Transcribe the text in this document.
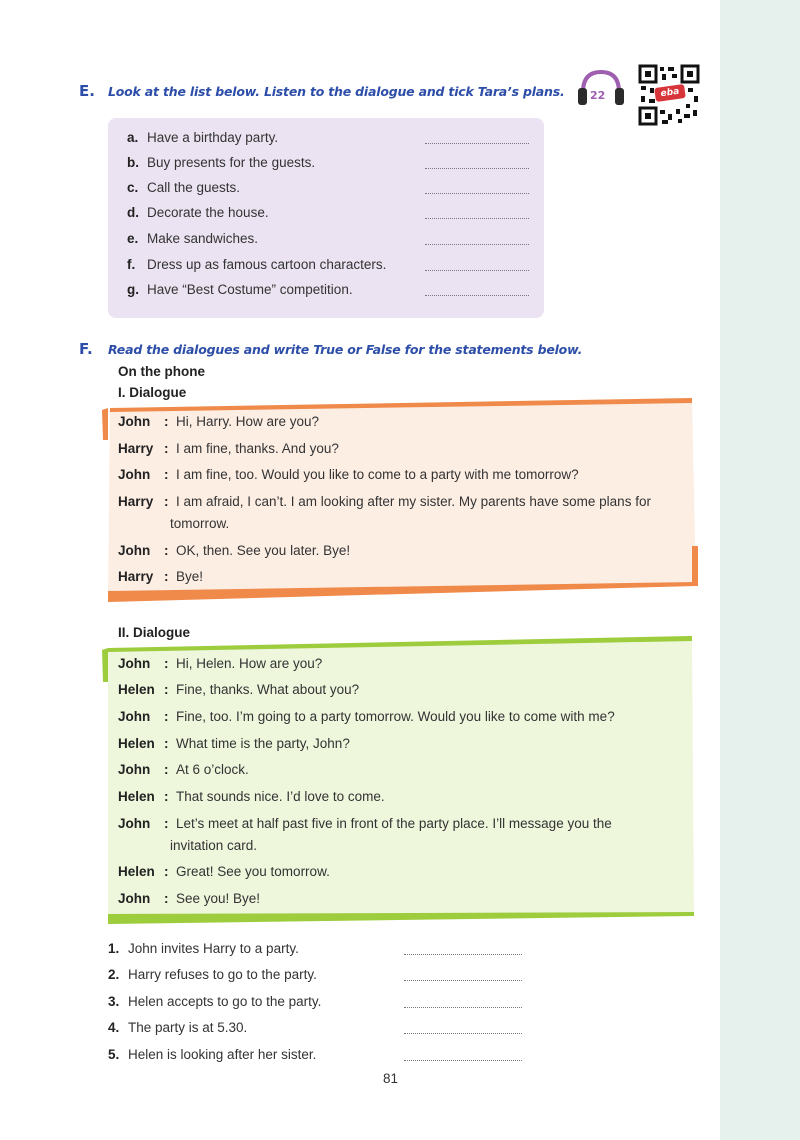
E. Look at the list below. Listen to the dialogue and tick Tara’s plans. 22	eba
a. Have a birthday party.
b. Buy presents for the guests.
c. Call the guests.
d. Decorate the house.
e. Make sandwiches.
f. Dress up as famous cartoon characters.
g. Have “Best Costume” competition.
F. Read the dialogues and write True or False for the statements below.
On the phone
I. Dialogue
John	: Hi, Harry. How are you?
Harry : I am fine, thanks. And you?
John	: I am fine, too. Would you like to come to a party with me tomorrow?
Harry : I am afraid, I can’t. I am looking after my sister. My parents have some plans for
tomorrow.
John	: OK, then. See you later. Bye!
Harry : Bye!
II. Dialogue
John	: Hi, Helen. How are you?
Helen : Fine, thanks. What about you?
John	: Fine, too. I’m going to a party tomorrow. Would you like to come with me?
Helen : What time is the party, John?
John	: At 6 o’clock.
Helen : That sounds nice. I’d love to come.
John	: Let’s meet at half past five in front of the party place. I’ll message you the
invitation card.
Helen : Great! See you tomorrow.
John	: See you! Bye!
1. John invites Harry to a party.
2. Harry refuses to go to the party.
3. Helen accepts to go to the party.
4. The party is at 5.30.
5. Helen is looking after her sister.
81
